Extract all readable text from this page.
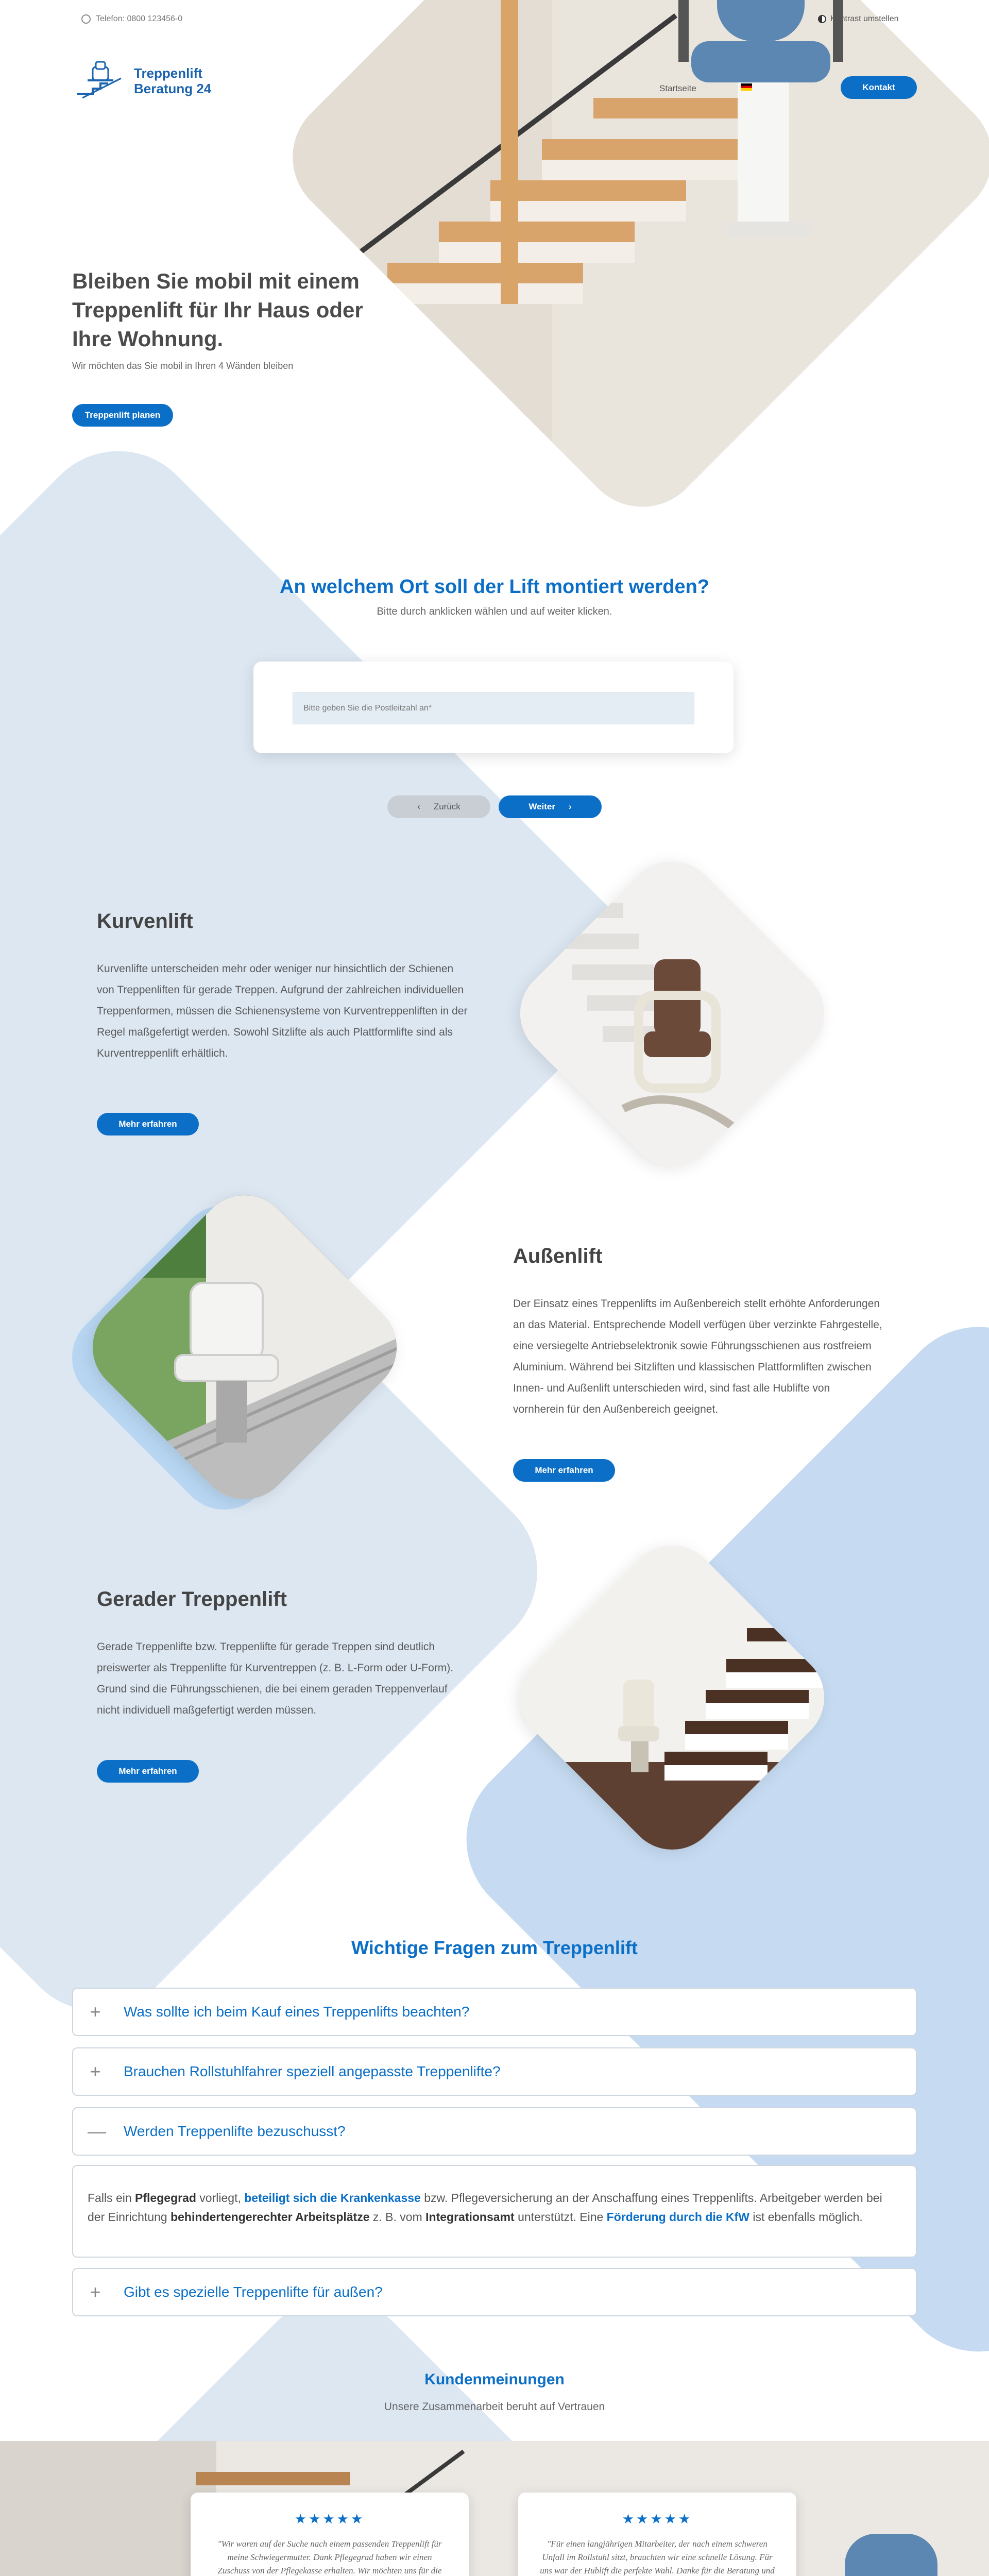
Telefon: 0800 123456-0	Kontrast umstellen
Treppenlift
Beratung 24	Startseite	Kontakt
Bleiben Sie mobil mit einem Treppenlift für Ihr Haus oder Ihre Wohnung.
Wir möchten das Sie mobil in Ihren 4 Wänden bleiben
Treppenlift planen
An welchem Ort soll der Lift montiert werden?
Bitte durch anklicken wählen und auf weiter klicken.
Bitte geben Sie die Postleitzahl an*
‹ Zurück	Weiter ›
Kurvenlift
Kurvenlifte unterscheiden mehr oder weniger nur hinsichtlich der Schienen von Treppenliften für gerade Treppen. Aufgrund der zahlreichen individuellen Treppenformen, müssen die Schienensysteme von Kurventreppenliften in der Regel maßgefertigt werden. Sowohl Sitzlifte als auch Plattformlifte sind als Kurventreppenlift erhältlich.
Mehr erfahren
Außenlift
Der Einsatz eines Treppenlifts im Außenbereich stellt erhöhte Anforderungen an das Material. Entsprechende Modell verfügen über verzinkte Fahrgestelle, eine versiegelte Antriebselektronik sowie Führungsschienen aus rostfreiem Aluminium. Während bei Sitzliften und klassischen Plattformliften zwischen Innen- und Außenlift unterschieden wird, sind fast alle Hublifte von vornherein für den Außenbereich geeignet.
Mehr erfahren
Gerader Treppenlift
Gerade Treppenlifte bzw. Treppenlifte für gerade Treppen sind deutlich preiswerter als Treppenlifte für Kurventreppen (z. B. L-Form oder U-Form). Grund sind die Führungsschienen, die bei einem geraden Treppenverlauf nicht individuell maßgefertigt werden müssen.
Mehr erfahren
Wichtige Fragen zum Treppenlift
+ Was sollte ich beim Kauf eines Treppenlifts beachten?
+ Brauchen Rollstuhlfahrer speziell angepasste Treppenlifte?
— Werden Treppenlifte bezuschusst?
Falls ein Pflegegrad vorliegt, beteiligt sich die Krankenkasse bzw. Pflegeversicherung an der Anschaffung eines Treppenlifts. Arbeitgeber werden bei der Einrichtung behindertengerechter Arbeitsplätze z. B. vom Integrationsamt unterstützt. Eine Förderung durch die KfW ist ebenfalls möglich.
+ Gibt es spezielle Treppenlifte für außen?
Kundenmeinungen
Unsere Zusammenarbeit beruht auf Vertrauen
★★★★★
"Wir waren auf der Suche nach einem passenden Treppenlift für meine Schwiegermutter. Dank Pflegegrad haben wir einen Zuschuss von der Pflegekasse erhalten. Wir möchten uns für die
★★★★★
"Für einen langjährigen Mitarbeiter, der nach einem schweren Unfall im Rollstuhl sitzt, brauchten wir eine schnelle Lösung. Für uns war der Hublift die perfekte Wahl. Danke für die Beratung und
